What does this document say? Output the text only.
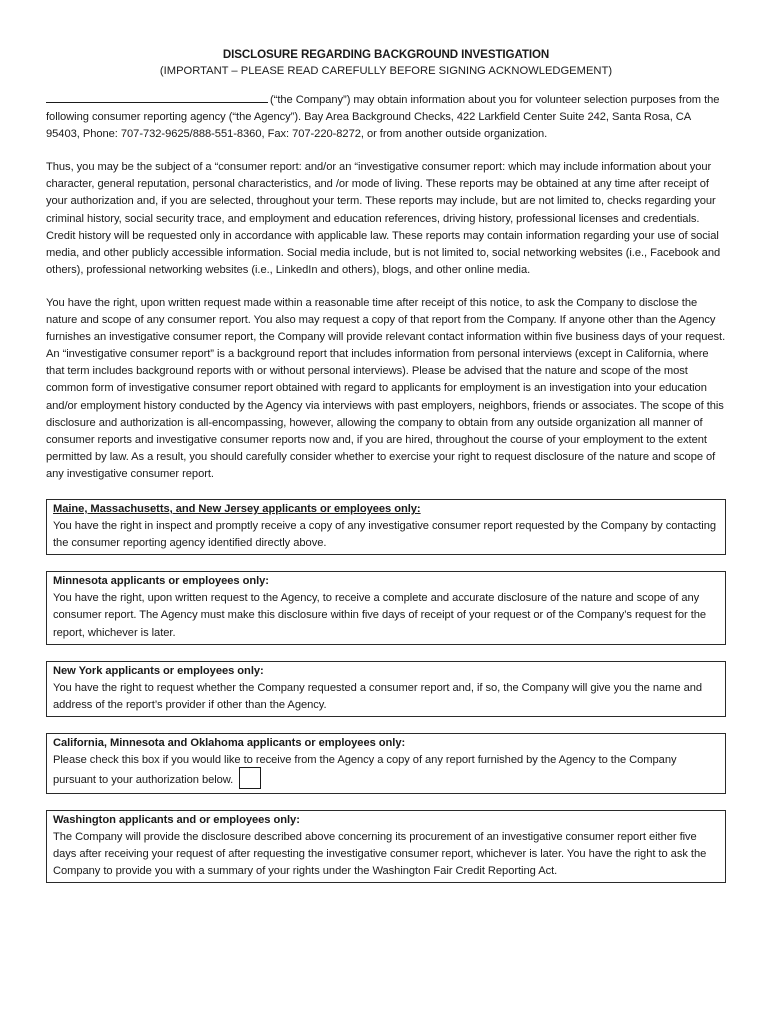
DISCLOSURE REGARDING BACKGROUND INVESTIGATION
(IMPORTANT – PLEASE READ CAREFULLY BEFORE SIGNING ACKNOWLEDGEMENT)

(“the Company”) may obtain information about you for volunteer selection purposes from the following consumer reporting agency (“the Agency”). Bay Area Background Checks, 422 Larkfield Center Suite 242, Santa Rosa, CA 95403, Phone: 707-732-9625/888-551-8360, Fax: 707-220-8272, or from another outside organization.

Thus, you may be the subject of a “consumer report: and/or an “investigative consumer report: which may include information about your character, general reputation, personal characteristics, and /or mode of living. These reports may be obtained at any time after receipt of your authorization and, if you are selected, throughout your term. These reports may include, but are not limited to, checks regarding your criminal history, social security trace, and employment and education references, driving history, professional licenses and credentials. Credit history will be requested only in accordance with applicable law. These reports may contain information regarding your use of social media, and other publicly accessible information. Social media include, but is not limited to, social networking websites (i.e., Facebook and others), professional networking websites (i.e., LinkedIn and others), blogs, and other online media.

You have the right, upon written request made within a reasonable time after receipt of this notice, to ask the Company to disclose the nature and scope of any consumer report. You also may request a copy of that report from the Company. If anyone other than the Agency furnishes an investigative consumer report, the Company will provide relevant contact information within five business days of your request. An “investigative consumer report” is a background report that includes information from personal interviews (except in California, where that term includes background reports with or without personal interviews). Please be advised that the nature and scope of the most common form of investigative consumer report obtained with regard to applicants for employment is an investigation into your education and/or employment history conducted by the Agency via interviews with past employers, neighbors, friends or associates. The scope of this disclosure and authorization is all-encompassing, however, allowing the company to obtain from any outside organization all manner of consumer reports and investigative consumer reports now and, if you are hired, throughout the course of your employment to the extent permitted by law. As a result, you should carefully consider whether to exercise your right to request disclosure of the nature and scope of any investigative consumer report.

Maine, Massachusetts, and New Jersey applicants or employees only:
You have the right in inspect and promptly receive a copy of any investigative consumer report requested by the Company by contacting the consumer reporting agency identified directly above.
Minnesota applicants or employees only:
You have the right, upon written request to the Agency, to receive a complete and accurate disclosure of the nature and scope of any consumer report. The Agency must make this disclosure within five days of receipt of your request or of the Company’s request for the report, whichever is later.
New York applicants or employees only:
You have the right to request whether the Company requested a consumer report and, if so, the Company will give you the name and address of the report’s provider if other than the Agency.
California, Minnesota and Oklahoma applicants or employees only:
Please check this box if you would like to receive from the Agency a copy of any report furnished by the Agency to the Company pursuant to your authorization below.
Washington applicants and or employees only:
The Company will provide the disclosure described above concerning its procurement of an investigative consumer report either five days after receiving your request of after requesting the investigative consumer report, whichever is later. You have the right to ask the Company to provide you with a summary of your rights under the Washington Fair Credit Reporting Act.
